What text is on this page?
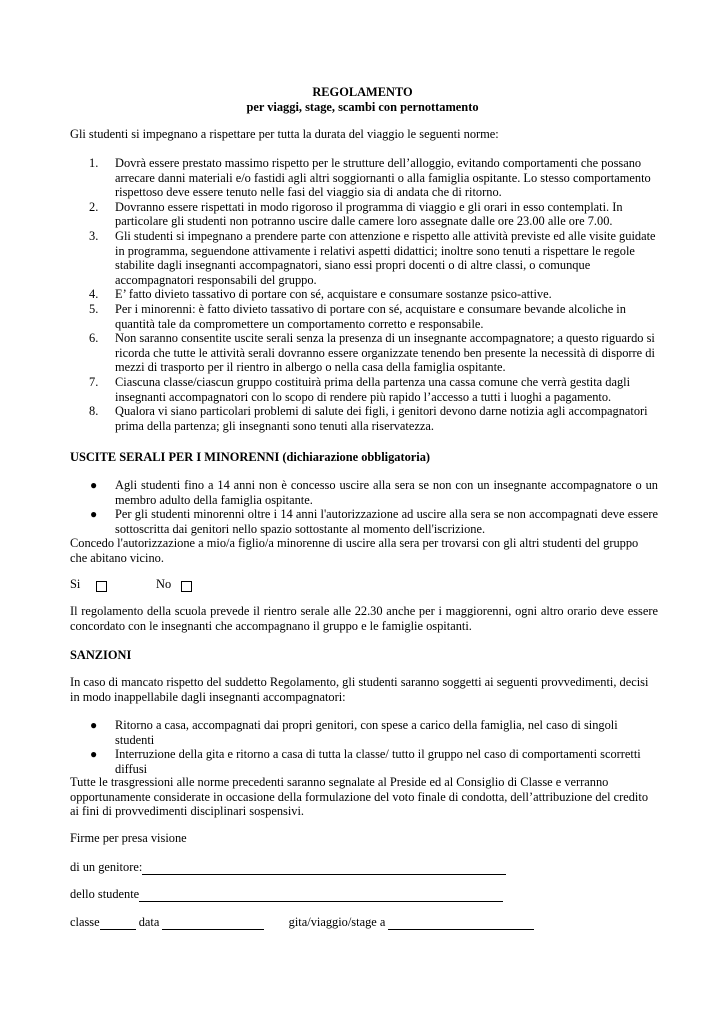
REGOLAMENTO
per viaggi, stage, scambi con pernottamento
Gli studenti si impegnano a rispettare per tutta la durata del viaggio le seguenti norme:
1. Dovrà essere prestato massimo rispetto per le strutture dell’alloggio, evitando comportamenti che possano arrecare danni materiali e/o fastidi agli altri soggiornanti o alla famiglia ospitante. Lo stesso comportamento rispettoso deve essere tenuto nelle fasi del viaggio sia di andata che di ritorno.
2. Dovranno essere rispettati in modo rigoroso il programma di viaggio e gli orari in esso contemplati. In particolare gli studenti non potranno uscire dalle camere loro assegnate dalle ore 23.00 alle ore 7.00.
3. Gli studenti si impegnano a prendere parte con attenzione e rispetto alle attività previste ed alle visite guidate in programma, seguendone attivamente i relativi aspetti didattici; inoltre sono tenuti a rispettare le regole stabilite dagli insegnanti accompagnatori, siano essi propri docenti o di altre classi, o comunque accompagnatori responsabili del gruppo.
4. E’ fatto divieto tassativo di portare con sé, acquistare e consumare sostanze psico-attive.
5. Per i minorenni: è fatto divieto tassativo di portare con sé, acquistare e consumare bevande alcoliche in quantità tale da compromettere un comportamento corretto e responsabile.
6. Non saranno consentite uscite serali senza la presenza di un insegnante accompagnatore; a questo riguardo si ricorda che tutte le attività serali dovranno essere organizzate tenendo ben presente la necessità di disporre di mezzi di trasporto per il rientro in albergo o nella casa della famiglia ospitante.
7. Ciascuna classe/ciascun gruppo costituirà prima della partenza una cassa comune che verrà gestita dagli insegnanti accompagnatori con lo scopo di rendere più rapido l’accesso a tutti i luoghi a pagamento.
8. Qualora vi siano particolari problemi di salute dei figli, i genitori devono darne notizia agli accompagnatori prima della partenza; gli insegnanti sono tenuti alla riservatezza.
USCITE SERALI PER I MINORENNI (dichiarazione obbligatoria)
● Agli studenti fino a 14 anni non è concesso uscire alla sera se non con un insegnante accompagnatore o un membro adulto della famiglia ospitante.
● Per gli studenti minorenni oltre i 14 anni l'autorizzazione ad uscire alla sera se non accompagnati deve essere sottoscritta dai genitori nello spazio sottostante al momento dell'iscrizione.
Concedo l'autorizzazione a mio/a figlio/a minorenne di uscire alla sera per trovarsi con gli altri studenti del gruppo che abitano vicino.
Si	No
Il regolamento della scuola prevede il rientro serale alle 22.30 anche per i maggiorenni, ogni altro orario deve essere concordato con le insegnanti che accompagnano il gruppo e le famiglie ospitanti.
SANZIONI
In caso di mancato rispetto del suddetto Regolamento, gli studenti saranno soggetti ai seguenti provvedimenti, decisi in modo inappellabile dagli insegnanti accompagnatori:
● Ritorno a casa, accompagnati dai propri genitori, con spese a carico della famiglia, nel caso di singoli studenti
● Interruzione della gita e ritorno a casa di tutta la classe/ tutto il gruppo nel caso di comportamenti scorretti diffusi
Tutte le trasgressioni alle norme precedenti saranno segnalate al Preside ed al Consiglio di Classe e verranno opportunamente considerate in occasione della formulazione del voto finale di condotta, dell’attribuzione del credito ai fini di provvedimenti disciplinari sospensivi.
Firme per presa visione
di un genitore:
dello studente
classe	data	gita/viaggio/stage a
